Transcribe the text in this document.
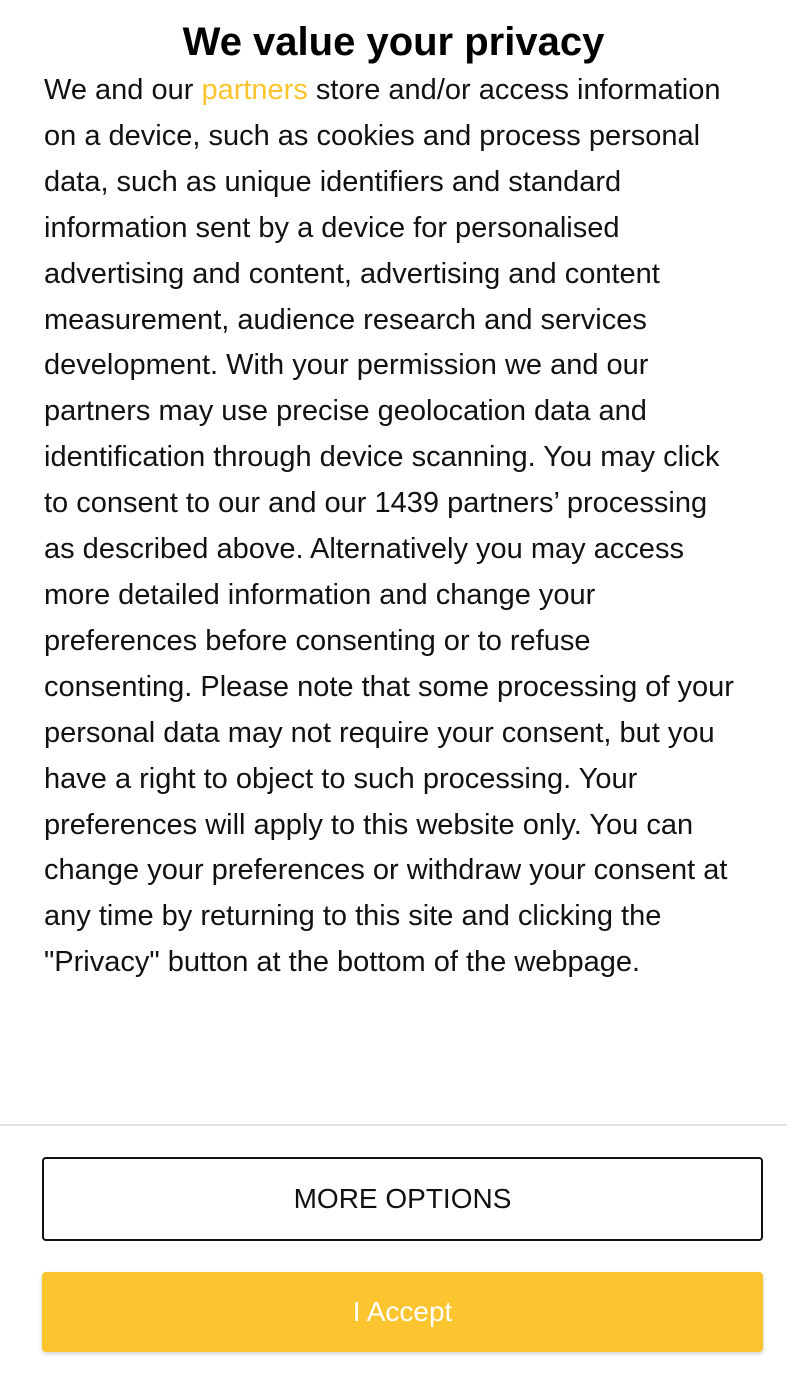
We value your privacy

We and our partners store and/or access information on a device, such as cookies and process personal data, such as unique identifiers and standard information sent by a device for personalised advertising and content, advertising and content measurement, audience research and services development. With your permission we and our partners may use precise geolocation data and identification through device scanning. You may click to consent to our and our 1439 partners’ processing as described above. Alternatively you may access more detailed information and change your preferences before consenting or to refuse consenting. Please note that some processing of your personal data may not require your consent, but you have a right to object to such processing. Your preferences will apply to this website only. You can change your preferences or withdraw your consent at any time by returning to this site and clicking the "Privacy" button at the bottom of the webpage.

MORE OPTIONS
I Accept
